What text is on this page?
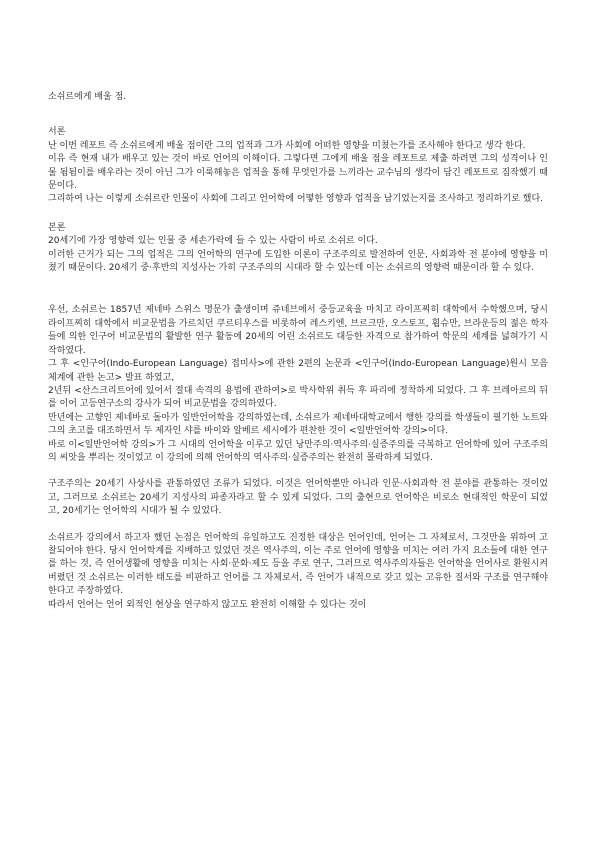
소쉬르에게 배울 점.

서론

난 이번 레포트 즉 소쉬르에게 배울 점이란 그의 업적과 그가 사회에 어떠한 영향을 미쳤는가를 조사해야 한다고 생각 한다.

이유 즉 현재 내가 배우고 있는 것이 바로 언어의 이해이다. 그렇다면 그에게 배울 점을 레포트로 제출 하려면 그의 성격이나 인물 됨됨이를 배우라는 것이 아닌 그가 이룩해놓은 업적을 통해 무엇인가를 느끼라는 교수님의 생각이 담긴 레포트로 짐작했기 때문이다.

그리하여 나는 이렇게 소쉬르란 인물이 사회에 그리고 언어학에 어떻한 영향과 업적을 남기었는지를 조사하고 정리하기로 했다.

본론

20세기에 가장 영향력 있는 인물 중 세손가락에 들 수 있는 사람이 바로 소쉬르 이다.

이러한 근거가 되는 그의 업적은 그의 언어학의 연구에 도입한 이론이 구조주의로 발전하여 인문, 사회과학 전 분야에 영향을 미쳤기 때문이다. 20세기 중·후반의 지성사는 가히 구조주의의 시대라 할 수 있는데 이는 소쉬르의 영향력 때문이라 할 수 있다.

우선, 소쉬르는 1857년 제네바 스위스 명문가 출생이며 쥬네브에서 중등교육을 마치고 라이프찌히 대학에서 수학했으며, 당시 라이프찌히 대학에서 비교문법을 가르치던 쿠르티우스를 비롯하여 레스키엔, 브르크만, 오스토프, 횝슈만, 브라운등의 젊은 학자들에 의한 인구어 비교문법의 활발한 연구 활동에 20세의 어린 소쉬르도 대등한 자격으로 참가하여 학문의 세계를 넓혀가기 시작하였다.

그 후 <인구어(Indo-European Language) 접미사>에 관한 2편의 논문과 <인구어(Indo-European Language)원시 모음 체계에 관한 논고> 발표 하였고,

2년뒤 <산스크리트어에 있어서 절대 속격의 용법에 관하여>로 박사학위 취득 후 파리에 정착하게 되었다. 그 후 브레아르의 뒤를 이어 고등연구소의 강사가 되어 비교문법을 강의하였다.

만년에는 고향인 제네바로 돌아가 일반언어학을 강의하였는데, 소쉬르가 제네바대학교에서 행한 강의를 학생들이 필기한 노트와 그의 초고를 대조하면서 두 제자인 샤를 바이와 알베르 세시에가 편찬한 것이 <일반언어학 강의>이다.

바로 이<일반언어학 강의>가 그 시대의 언어학을 이루고 있던 낭만주의·역사주의·실증주의를 극복하고 언어학에 있어 구조주의의 씨앗을 뿌리는 것이었고 이 강의에 의해 언어학의 역사주의·실증주의는 완전히 몰락하게 되었다.

구조주의는 20세기 사상사를 관통하였던 조류가 되었다. 이것은 언어학뿐만 아니라 인문·사회과학 전 분야를 관통하는 것이었고, 그러므로 소쉬르는 20세기 지성사의 파종자라고 할 수 있게 되었다. 그의 출현으로 언어학은 비로소 현대적인 학문이 되었고, 20세기는 언어학의 시대가 될 수 있었다.

소쉬르가 강의에서 하고자 했던 논점은 언어학의 유일하고도 진정한 대상은 언어인데, 언어는 그 자체로서, 그것만을 위하여 고찰되어야 한다. 당시 언어학계를 지배하고 있었던 것은 역사주의, 이는 주로 언어에 영향을 미치는 여러 가지 요소들에 대한 연구를 하는 것, 즉 언어생활에 영향을 미치는 사회·문화·제도 등을 주로 연구, 그러므로 역사주의자들은 언어학을 언어사로 환원시켜 버렸던 것 소쉬르는 이러한 태도를 비판하고 언어를 그 자체로서, 즉 언어가 내적으로 갖고 있는 고유한 질서와 구조를 연구해야 한다고 주장하였다.

따라서 언어는 언어 외적인 현상을 연구하지 않고도 완전히 이해할 수 있다는 것이
